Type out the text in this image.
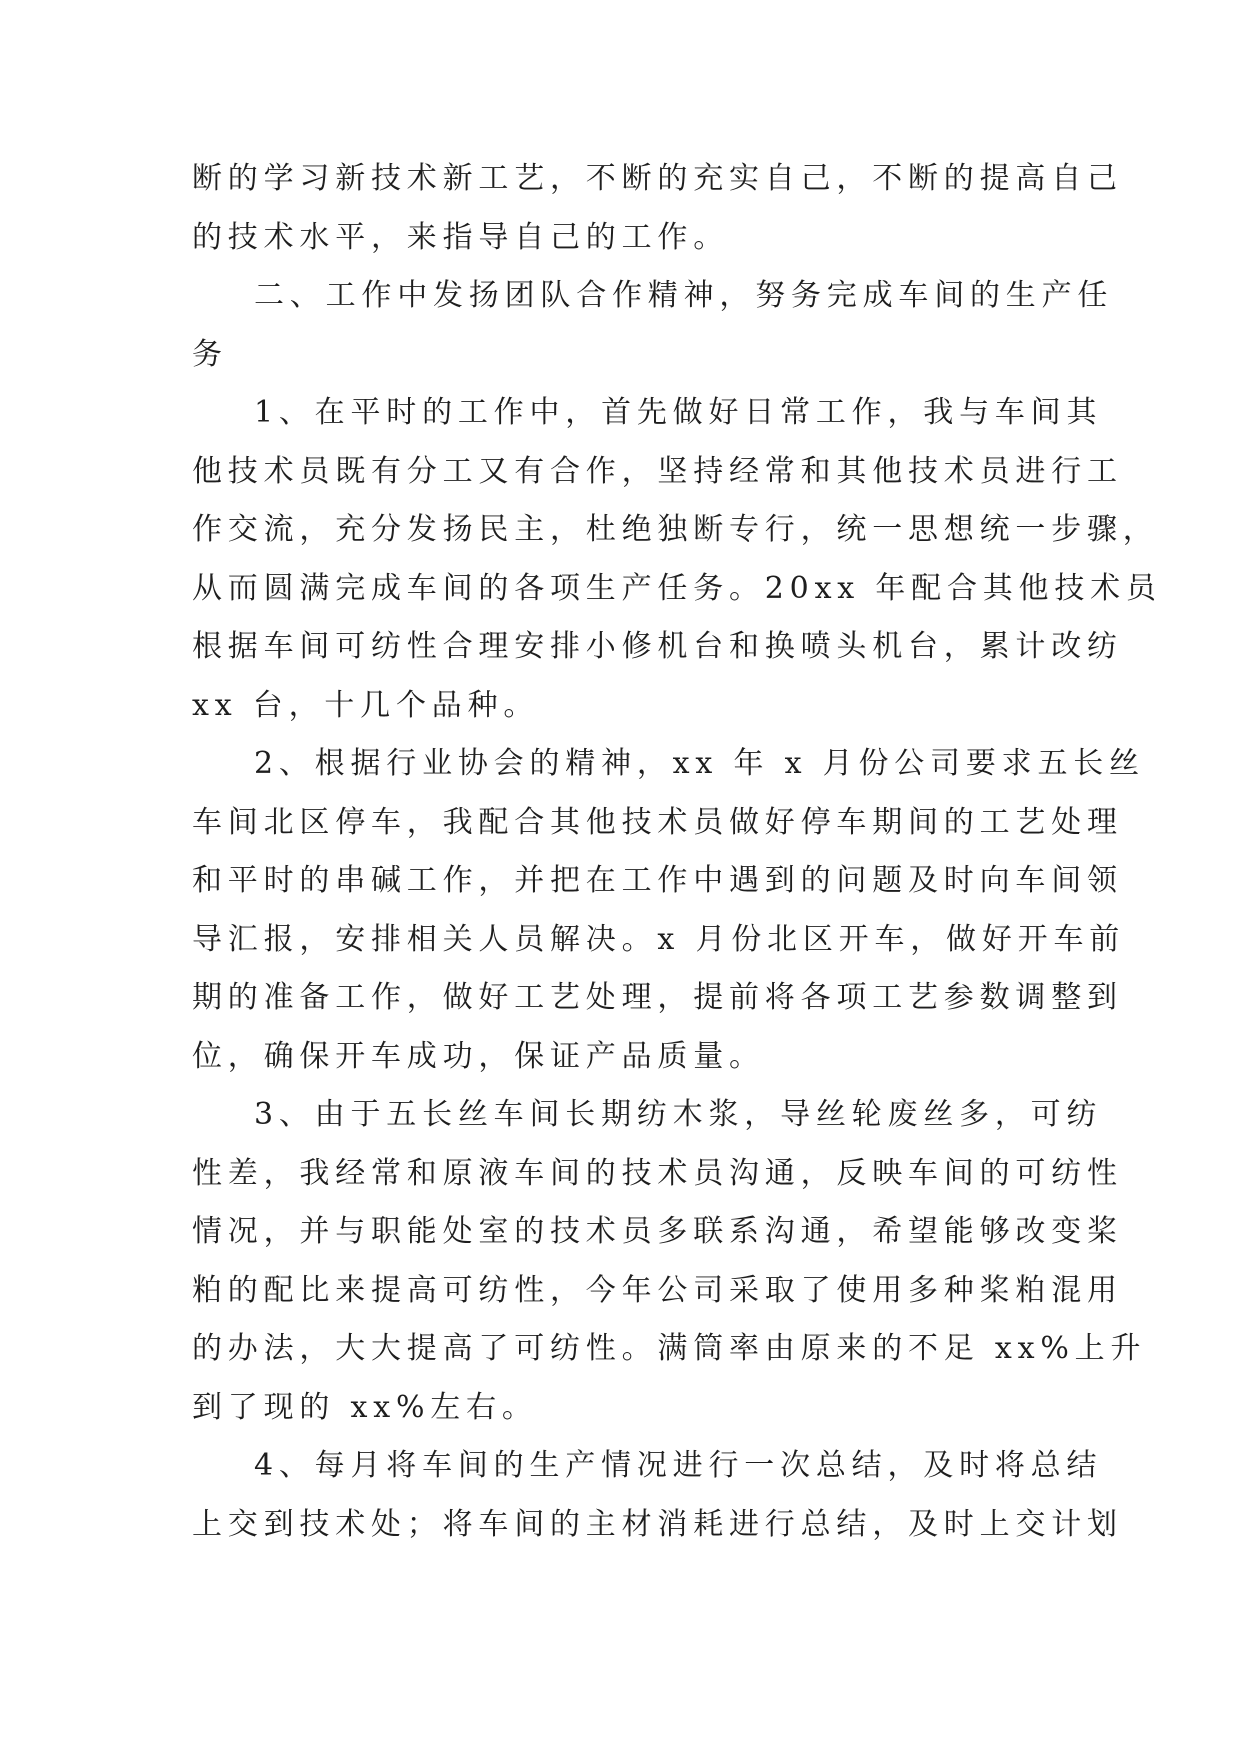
断的学习新技术新工艺，不断的充实自己，不断的提高自己
的技术水平，来指导自己的工作。
二、工作中发扬团队合作精神，努务完成车间的生产任
务
1、在平时的工作中，首先做好日常工作，我与车间其
他技术员既有分工又有合作，坚持经常和其他技术员进行工
作交流，充分发扬民主，杜绝独断专行，统一思想统一步骤，
从而圆满完成车间的各项生产任务。20xx 年配合其他技术员
根据车间可纺性合理安排小修机台和换喷头机台，累计改纺
xx 台，十几个品种。
2、根据行业协会的精神，xx 年 x 月份公司要求五长丝
车间北区停车，我配合其他技术员做好停车期间的工艺处理
和平时的串碱工作，并把在工作中遇到的问题及时向车间领
导汇报，安排相关人员解决。x 月份北区开车，做好开车前
期的准备工作，做好工艺处理，提前将各项工艺参数调整到
位，确保开车成功，保证产品质量。
3、由于五长丝车间长期纺木浆，导丝轮废丝多，可纺
性差，我经常和原液车间的技术员沟通，反映车间的可纺性
情况，并与职能处室的技术员多联系沟通，希望能够改变桨
粕的配比来提高可纺性，今年公司采取了使用多种桨粕混用
的办法，大大提高了可纺性。满筒率由原来的不足 xx%上升
到了现的 xx%左右。
4、每月将车间的生产情况进行一次总结，及时将总结
上交到技术处；将车间的主材消耗进行总结，及时上交计划
